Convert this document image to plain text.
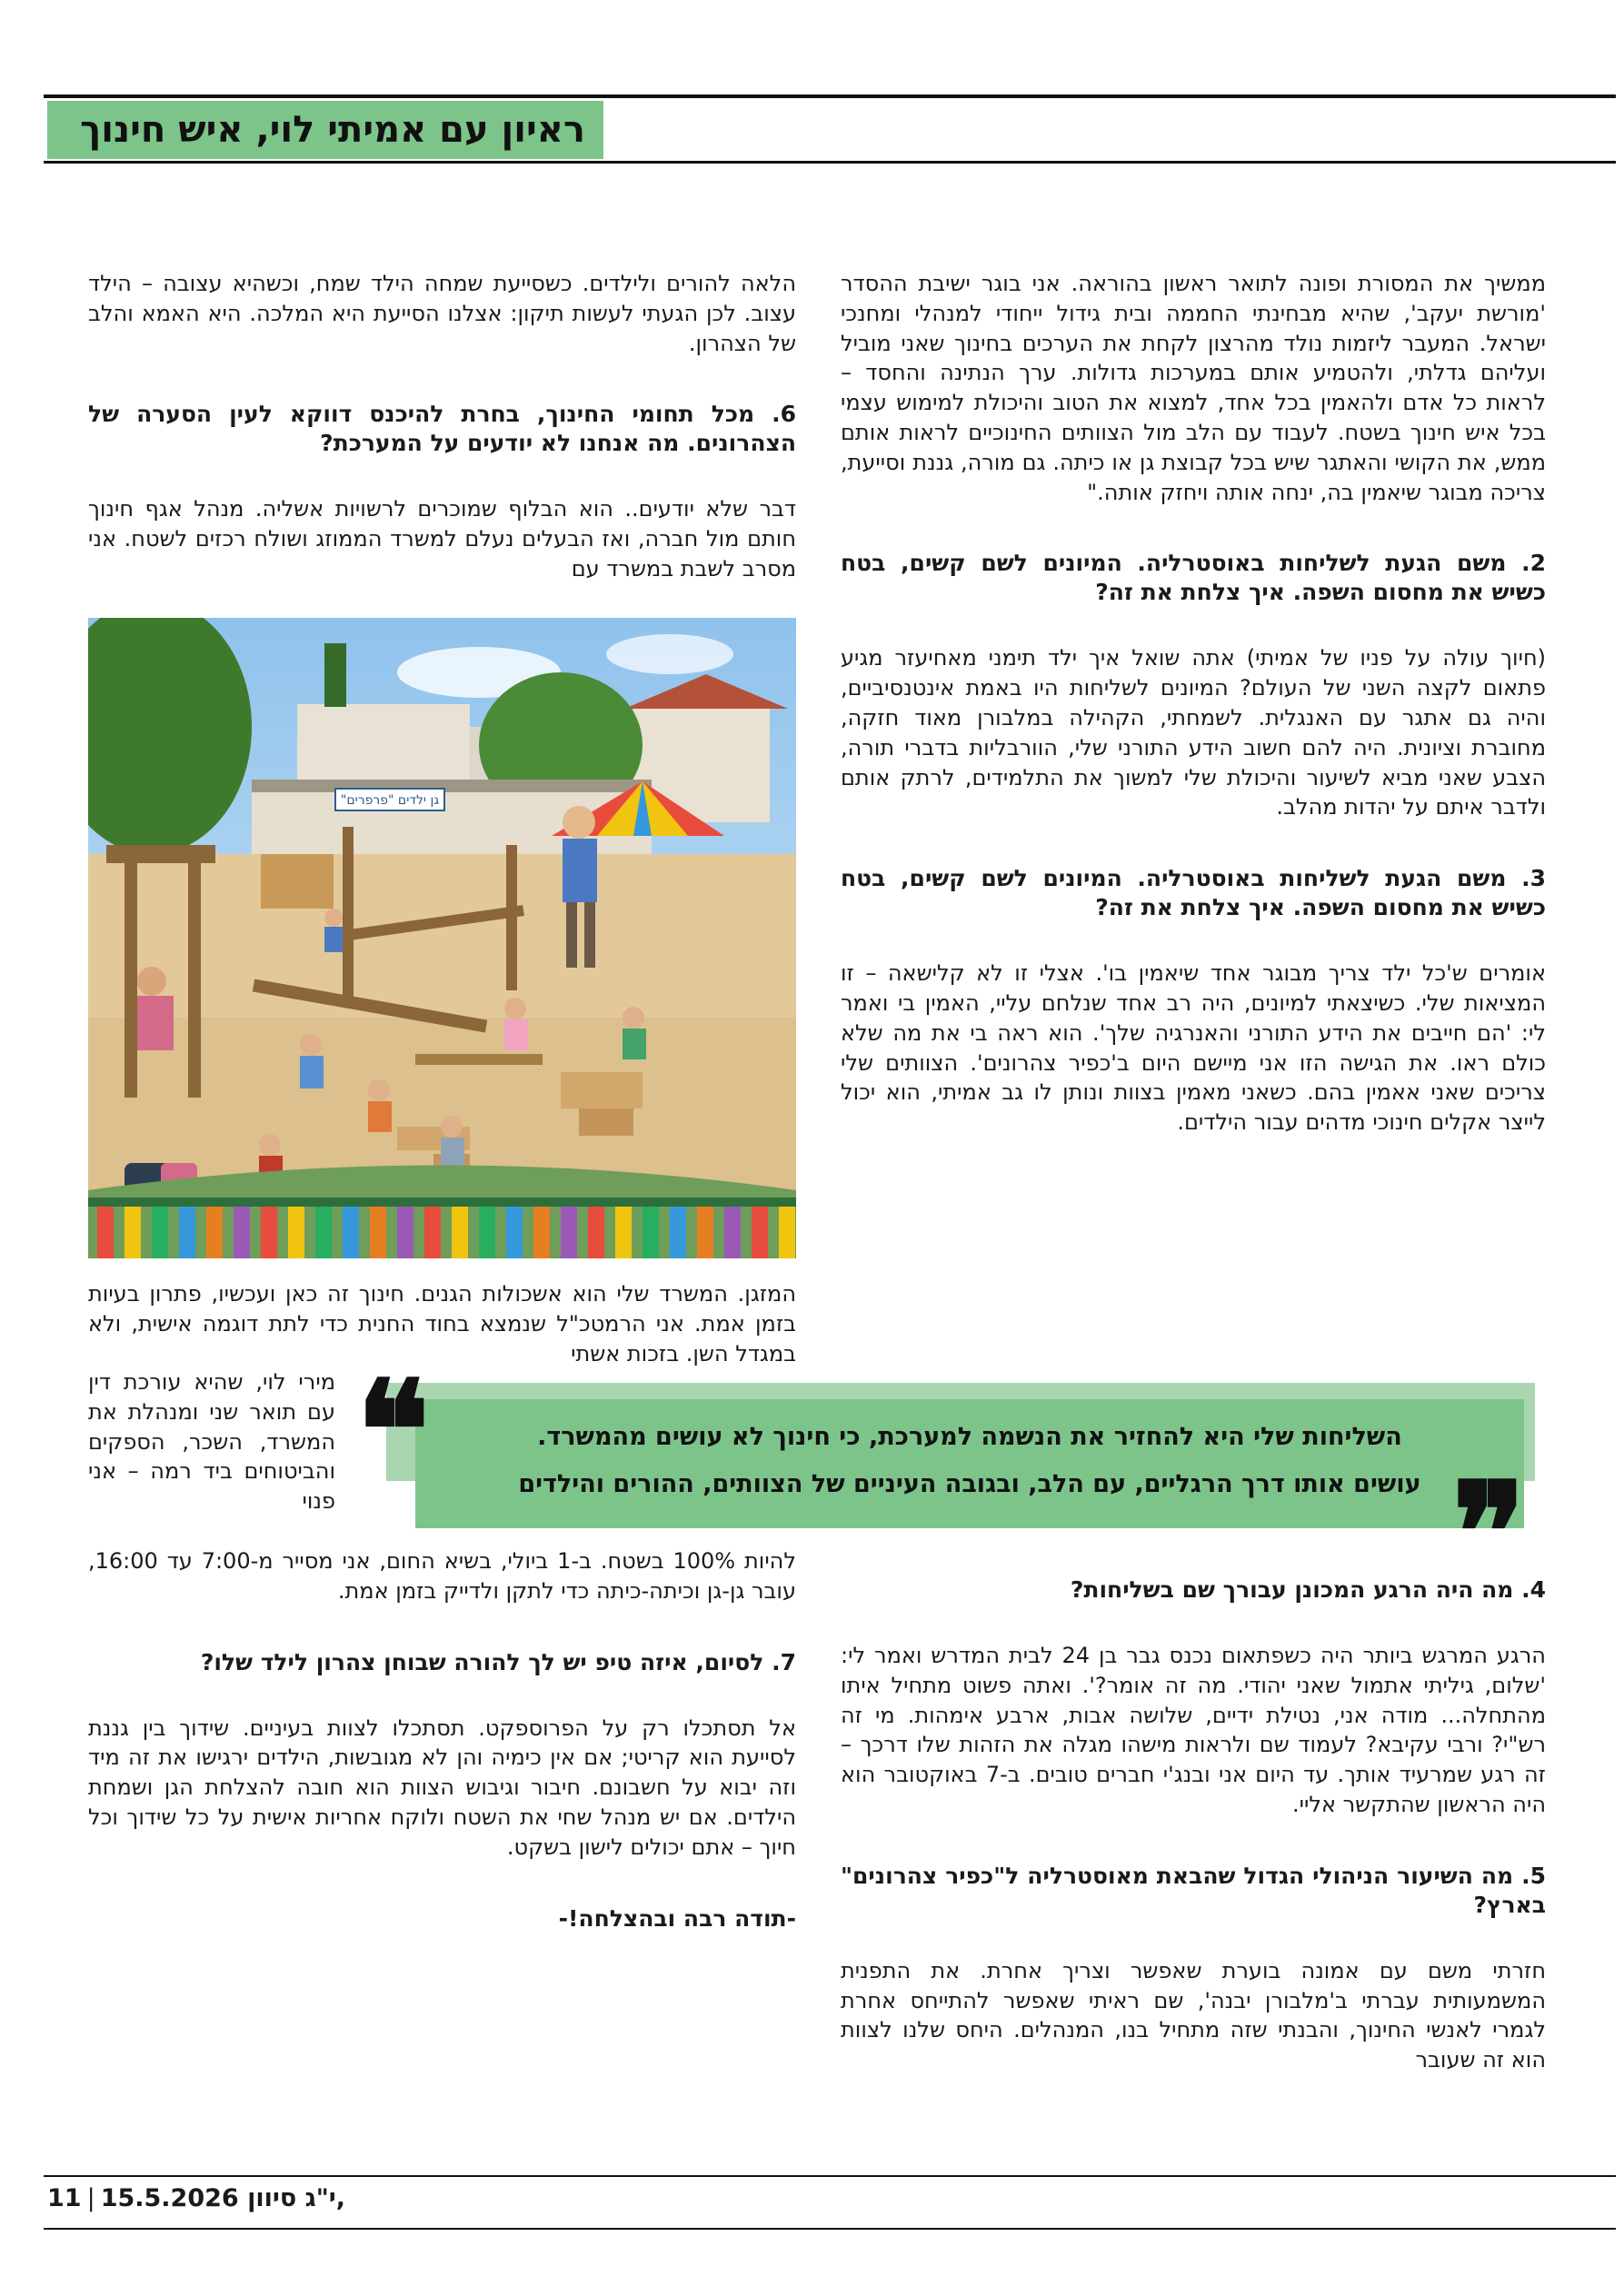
ראיון עם אמיתי לוי, איש חינוך

ממשיך את המסורת ופונה לתואר ראשון בהוראה. אני בוגר ישיבת ההסדר 'מורשת יעקב', שהיא מבחינתי החממה ובית גידול ייחודי למנהלי ומחנכי ישראל. המעבר ליזמות נולד מהרצון לקחת את הערכים בחינוך שאני מוביל ועליהם גדלתי, ולהטמיע אותם במערכות גדולות. ערך הנתינה והחסד – לראות כל אדם ולהאמין בכל אחד, למצוא את הטוב והיכולת למימוש עצמי בכל איש חינוך בשטח. לעבוד עם הלב מול הצוותים החינוכיים לראות אותם ממש, את הקושי והאתגר שיש בכל קבוצת גן או כיתה. גם מורה, גננת וסייעת, צריכה מבוגר שיאמין בה, ינחה אותה ויחזק אותה."

2. משם הגעת לשליחות באוסטרליה. המיונים לשם קשים, בטח כשיש את מחסום השפה. איך צלחת את זה?

(חיוך עולה על פניו של אמיתי) אתה שואל איך ילד תימני מאחיעזר מגיע פתאום לקצה השני של העולם? המיונים לשליחות היו באמת אינטנסיביים, והיה גם אתגר עם האנגלית. לשמחתי, הקהילה במלבורן מאוד חזקה, מחוברת וציונית. היה להם חשוב הידע התורני שלי, הוורבליות בדברי תורה, הצבע שאני מביא לשיעור והיכולת שלי למשוך את התלמידים, לרתק אותם ולדבר איתם על יהדות מהלב.

3. משם הגעת לשליחות באוסטרליה. המיונים לשם קשים, בטח כשיש את מחסום השפה. איך צלחת את זה?

אומרים ש'כל ילד צריך מבוגר אחד שיאמין בו'. אצלי זו לא קלישאה – זו המציאות שלי. כשיצאתי למיונים, היה רב אחד שנלחם עליי, האמין בי ואמר לי: 'הם חייבים את הידע התורני והאנרגיה שלך'. הוא ראה בי את מה שלא כולם ראו. את הגישה הזו אני מיישם היום ב'כפיר צהרונים'. הצוותים שלי צריכים שאני אאמין בהם. כשאני מאמין בצוות ונותן לו גב אמיתי, הוא יכול לייצר אקלים חינוכי מדהים עבור הילדים.

4. מה היה הרגע המכונן עבורך שם בשליחות?

הרגע המרגש ביותר היה כשפתאום נכנס גבר בן 24 לבית המדרש ואמר לי: 'שלום, גיליתי אתמול שאני יהודי. מה זה אומר?'. ואתה פשוט מתחיל איתו מהתחלה... מודה אני, נטילת ידיים, שלושה אבות, ארבע אימהות. מי זה רש"י? ורבי עקיבא? לעמוד שם ולראות מישהו מגלה את הזהות שלו דרכך – זה רגע שמרעיד אותך. עד היום אני ובנג'י חברים טובים. ב-7 באוקטובר הוא היה הראשון שהתקשר אליי.

5. מה השיעור הניהולי הגדול שהבאת מאוסטרליה ל"כפיר צהרונים" בארץ?

חזרתי משם עם אמונה בוערת שאפשר וצריך אחרת. את התפנית המשמעותית עברתי ב'מלבורן יבנה', שם ראיתי שאפשר להתייחס אחרת לגמרי לאנשי החינוך, והבנתי שזה מתחיל בנו, המנהלים. היחס שלנו לצוות הוא זה שעובר

הלאה להורים ולילדים. כשסייעת שמחה הילד שמח, וכשהיא עצובה – הילד עצוב. לכן הגעתי לעשות תיקון: אצלנו הסייעת היא המלכה. היא האמא והלב של הצהרון.

6. מכל תחומי החינוך, בחרת להיכנס דווקא לעין הסערה של הצהרונים. מה אנחנו לא יודעים על המערכת?

דבר שלא יודעים.. הוא הבלוף שמוכרים לרשויות אשליה. מנהל אגף חינוך חותם מול חברה, ואז הבעלים נעלם למשרד הממוזג ושולח רכזים לשטח. אני מסרב לשבת במשרד עם

גן ילדים "פרפרים"

המזגן. המשרד שלי הוא אשכולות הגנים. חינוך זה כאן ועכשיו, פתרון בעיות בזמן אמת. אני הרמטכ"ל שנמצא בחוד החנית כדי לתת דוגמה אישית, ולא במגדל השן. בזכות אשתי

מירי לוי, שהיא עורכת דין עם תואר שני ומנהלת את המשרד, השכר, הספקים והביטוחים ביד רמה – אני פנוי

להיות 100% בשטח. ב-1 ביולי, בשיא החום, אני מסייר מ-7:00 עד 16:00, עובר גן-גן וכיתה-כיתה כדי לתקן ולדייק בזמן אמת.

7. לסיום, איזה טיפ יש לך להורה שבוחן צהרון לילד שלו?

אל תסתכלו רק על הפרוספקט. תסתכלו לצוות בעיניים. שידוך בין גננת לסייעת הוא קריטי; אם אין כימיה והן לא מגובשות, הילדים ירגישו את זה מיד וזה יבוא על חשבונם. חיבור וגיבוש הצוות הוא חובה להצלחת הגן ושמחת הילדים. אם יש מנהל שחי את השטח ולוקח אחריות אישית על כל שידוך וכל חיוך – אתם יכולים לישון בשקט.

-תודה רבה ובהצלחה!-
השליחות שלי היא להחזיר את הנשמה למערכת, כי חינוך לא עושים מהמשרד.
עושים אותו דרך הרגליים, עם הלב, ובגובה העיניים של הצוותים, ההורים והילדים
❝
❞
11 | 15.5.2026 י"ג סיוון,
